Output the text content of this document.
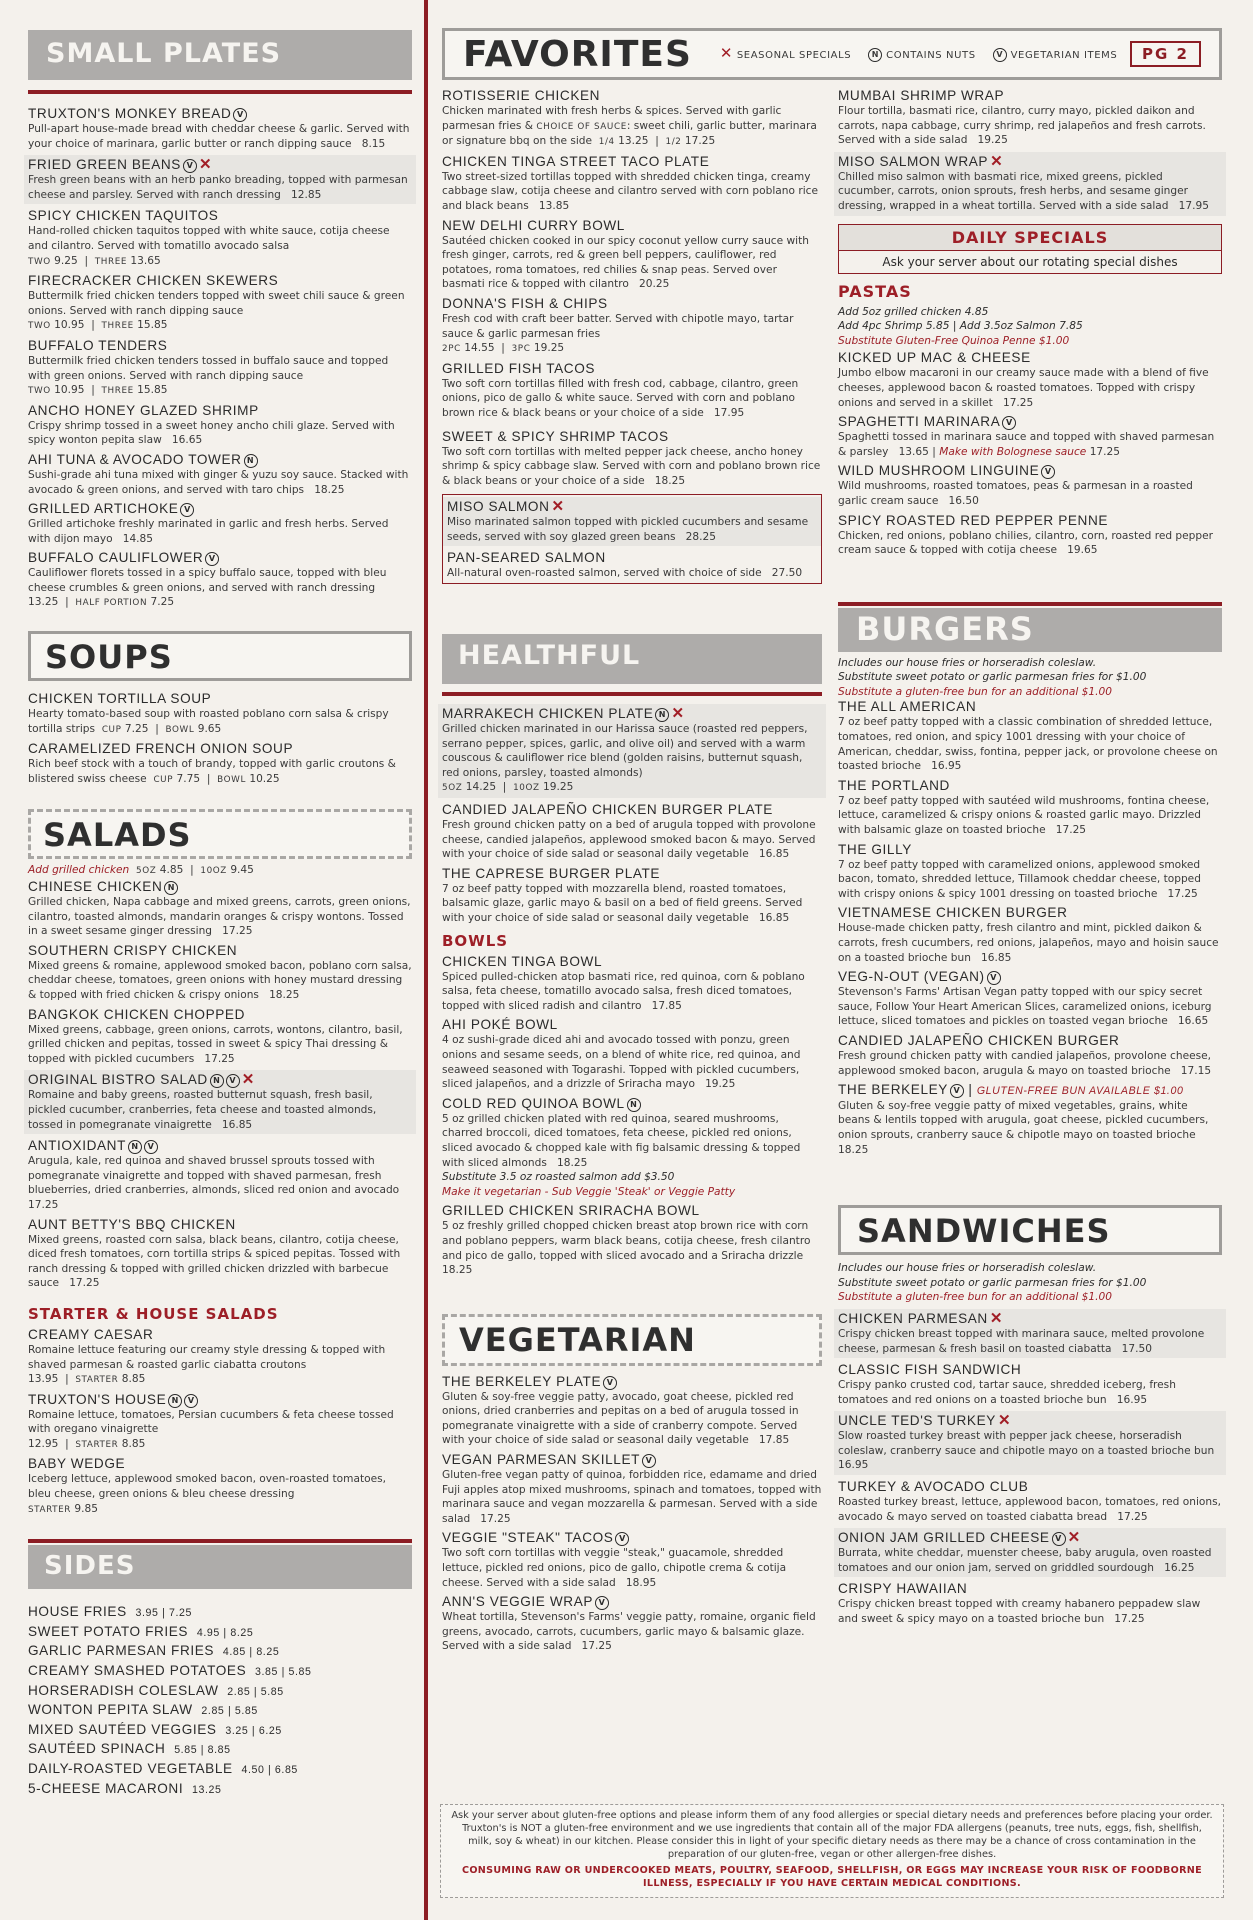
SMALL PLATES
TRUXTON'S MONKEY BREAD V
Pull-apart house-made bread with cheddar cheese & garlic. Served with your choice of marinara, garlic butter or ranch dipping sauce 8.15
FRIED GREEN BEANS V ✕
Fresh green beans with an herb panko breading, topped with parmesan cheese and parsley. Served with ranch dressing 12.85
SPICY CHICKEN TAQUITOS
Hand-rolled chicken taquitos topped with white sauce, cotija cheese and cilantro. Served with tomatillo avocado salsa
TWO 9.25  |  THREE 13.65
FIRECRACKER CHICKEN SKEWERS
Buttermilk fried chicken tenders topped with sweet chili sauce & green onions. Served with ranch dipping sauce
TWO 10.95  |  THREE 15.85
BUFFALO TENDERS
Buttermilk fried chicken tenders tossed in buffalo sauce and topped with green onions. Served with ranch dipping sauce
TWO 10.95  |  THREE 15.85
ANCHO HONEY GLAZED SHRIMP
Crispy shrimp tossed in a sweet honey ancho chili glaze. Served with spicy wonton pepita slaw 16.65
AHI TUNA & AVOCADO TOWER N
Sushi-grade ahi tuna mixed with ginger & yuzu soy sauce. Stacked with avocado & green onions, and served with taro chips 18.25
GRILLED ARTICHOKE V
Grilled artichoke freshly marinated in garlic and fresh herbs. Served with dijon mayo 14.85
BUFFALO CAULIFLOWER V
Cauliflower florets tossed in a spicy buffalo sauce, topped with bleu cheese crumbles & green onions, and served with ranch dressing   13.25  |  HALF PORTION 7.25
SOUPS
CHICKEN TORTILLA SOUP
Hearty tomato-based soup with roasted poblano corn salsa & crispy tortilla strips CUP 7.25  |  BOWL 9.65
CARAMELIZED FRENCH ONION SOUP
Rich beef stock with a touch of brandy, topped with garlic croutons & blistered swiss cheese CUP 7.75  |  BOWL 10.25
SALADS
Add grilled chicken 5OZ 4.85  |  10OZ 9.45
CHINESE CHICKEN N
Grilled chicken, Napa cabbage and mixed greens, carrots, green onions, cilantro, toasted almonds, mandarin oranges & crispy wontons. Tossed in a sweet sesame ginger dressing 17.25
SOUTHERN CRISPY CHICKEN
Mixed greens & romaine, applewood smoked bacon, poblano corn salsa, cheddar cheese, tomatoes, green onions with honey mustard dressing & topped with fried chicken & crispy onions 18.25
BANGKOK CHICKEN CHOPPED
Mixed greens, cabbage, green onions, carrots, wontons, cilantro, basil, grilled chicken and pepitas, tossed in sweet & spicy Thai dressing & topped with pickled cucumbers 17.25
ORIGINAL BISTRO SALAD N V ✕
Romaine and baby greens, roasted butternut squash, fresh basil, pickled cucumber, cranberries, feta cheese and toasted almonds, tossed in pomegranate vinaigrette 16.85
ANTIOXIDANT N V
Arugula, kale, red quinoa and shaved brussel sprouts tossed with pomegranate vinaigrette and topped with shaved parmesan, fresh blueberries, dried cranberries, almonds, sliced red onion and avocado   17.25
AUNT BETTY'S BBQ CHICKEN
Mixed greens, roasted corn salsa, black beans, cilantro, cotija cheese, diced fresh tomatoes, corn tortilla strips & spiced pepitas. Tossed with ranch dressing & topped with grilled chicken drizzled with barbecue sauce 17.25
STARTER & HOUSE SALADS
CREAMY CAESAR
Romaine lettuce featuring our creamy style dressing & topped with shaved parmesan & roasted garlic ciabatta croutons
13.95  |  STARTER 8.85
TRUXTON'S HOUSE N V
Romaine lettuce, tomatoes, Persian cucumbers & feta cheese tossed with oregano vinaigrette
12.95  |  STARTER 8.85
BABY WEDGE
Iceberg lettuce, applewood smoked bacon, oven-roasted tomatoes, bleu cheese, green onions & bleu cheese dressing
STARTER 9.85
SIDES
HOUSE FRIES 3.95 | 7.25
SWEET POTATO FRIES 4.95 | 8.25
GARLIC PARMESAN FRIES 4.85 | 8.25
CREAMY SMASHED POTATOES 3.85 | 5.85
HORSERADISH COLESLAW 2.85 | 5.85
WONTON PEPITA SLAW 2.85 | 5.85
MIXED SAUTÉED VEGGIES 3.25 | 6.25
SAUTÉED SPINACH 5.85 | 8.85
DAILY-ROASTED VEGETABLE 4.50 | 6.85
5-CHEESE MACARONI 13.25
FAVORITES ✕ SEASONAL SPECIALS	N CONTAINS NUTS	V VEGETARIAN ITEMS	PG 2
ROTISSERIE CHICKEN
Chicken marinated with fresh herbs & spices. Served with garlic parmesan fries & CHOICE OF SAUCE: sweet chili, garlic butter, marinara or signature bbq on the side 1/4 13.25  |  1/2 17.25
CHICKEN TINGA STREET TACO PLATE
Two street-sized tortillas topped with shredded chicken tinga, creamy cabbage slaw, cotija cheese and cilantro served with corn poblano rice and black beans 13.85
NEW DELHI CURRY BOWL
Sautéed chicken cooked in our spicy coconut yellow curry sauce with fresh ginger, carrots, red & green bell peppers, cauliflower, red potatoes, roma tomatoes, red chilies & snap peas. Served over basmati rice & topped with cilantro 20.25
DONNA'S FISH & CHIPS
Fresh cod with craft beer batter. Served with chipotle mayo, tartar sauce & garlic parmesan fries
2PC 14.55  |  3PC 19.25
GRILLED FISH TACOS
Two soft corn tortillas filled with fresh cod, cabbage, cilantro, green onions, pico de gallo & white sauce. Served with corn and poblano brown rice & black beans or your choice of a side 17.95
SWEET & SPICY SHRIMP TACOS
Two soft corn tortillas with melted pepper jack cheese, ancho honey shrimp & spicy cabbage slaw. Served with corn and poblano brown rice & black beans or your choice of a side 18.25
MISO SALMON ✕
Miso marinated salmon topped with pickled cucumbers and sesame seeds, served with soy glazed green beans 28.25
PAN-SEARED SALMON
All-natural oven-roasted salmon, served with choice of side 27.50
HEALTHFUL
MARRAKECH CHICKEN PLATE N ✕
Grilled chicken marinated in our Harissa sauce (roasted red peppers, serrano pepper, spices, garlic, and olive oil) and served with a warm couscous & cauliflower rice blend (golden raisins, butternut squash, red onions, parsley, toasted almonds)
5OZ 14.25  |  10OZ 19.25
CANDIED JALAPEÑO CHICKEN BURGER PLATE
Fresh ground chicken patty on a bed of arugula topped with provolone cheese, candied jalapeños, applewood smoked bacon & mayo. Served with your choice of side salad or seasonal daily vegetable 16.85
THE CAPRESE BURGER PLATE
7 oz beef patty topped with mozzarella blend, roasted tomatoes, balsamic glaze, garlic mayo & basil on a bed of field greens. Served with your choice of side salad or seasonal daily vegetable 16.85
BOWLS
CHICKEN TINGA BOWL
Spiced pulled-chicken atop basmati rice, red quinoa, corn & poblano salsa, feta cheese, tomatillo avocado salsa, fresh diced tomatoes, topped with sliced radish and cilantro 17.85
AHI POKÉ BOWL
4 oz sushi-grade diced ahi and avocado tossed with ponzu, green onions and sesame seeds, on a blend of white rice, red quinoa, and seaweed seasoned with Togarashi. Topped with pickled cucumbers, sliced jalapeños, and a drizzle of Sriracha mayo 19.25
COLD RED QUINOA BOWL N
5 oz grilled chicken plated with red quinoa, seared mushrooms, charred broccoli, diced tomatoes, feta cheese, pickled red onions, sliced avocado & chopped kale with fig balsamic dressing & topped with sliced almonds 18.25
Substitute 3.5 oz roasted salmon add $3.50
Make it vegetarian - Sub Veggie 'Steak' or Veggie Patty
GRILLED CHICKEN SRIRACHA BOWL
5 oz freshly grilled chopped chicken breast atop brown rice with corn and poblano peppers, warm black beans, cotija cheese, fresh cilantro and pico de gallo, topped with sliced avocado and a Sriracha drizzle   18.25
VEGETARIAN
THE BERKELEY PLATE V
Gluten & soy-free veggie patty, avocado, goat cheese, pickled red onions, dried cranberries and pepitas on a bed of arugula tossed in pomegranate vinaigrette with a side of cranberry compote. Served with your choice of side salad or seasonal daily vegetable 17.85
VEGAN PARMESAN SKILLET V
Gluten-free vegan patty of quinoa, forbidden rice, edamame and dried Fuji apples atop mixed mushrooms, spinach and tomatoes, topped with marinara sauce and vegan mozzarella & parmesan. Served with a side salad 17.25
VEGGIE "STEAK" TACOS V
Two soft corn tortillas with veggie "steak," guacamole, shredded lettuce, pickled red onions, pico de gallo, chipotle crema & cotija cheese. Served with a side salad 18.95
ANN'S VEGGIE WRAP V
Wheat tortilla, Stevenson's Farms' veggie patty, romaine, organic field greens, avocado, carrots, cucumbers, garlic mayo & balsamic glaze. Served with a side salad 17.25
MUMBAI SHRIMP WRAP
Flour tortilla, basmati rice, cilantro, curry mayo, pickled daikon and carrots, napa cabbage, curry shrimp, red jalapeños and fresh carrots. Served with a side salad 19.25
MISO SALMON WRAP ✕
Chilled miso salmon with basmati rice, mixed greens, pickled cucumber, carrots, onion sprouts, fresh herbs, and sesame ginger dressing, wrapped in a wheat tortilla. Served with a side salad 17.95
DAILY SPECIALS
Ask your server about our rotating special dishes
PASTAS
Add 5oz grilled chicken 4.85
Add 4pc Shrimp 5.85 | Add 3.5oz Salmon 7.85
Substitute Gluten-Free Quinoa Penne $1.00
KICKED UP MAC & CHEESE
Jumbo elbow macaroni in our creamy sauce made with a blend of five cheeses, applewood bacon & roasted tomatoes. Topped with crispy onions and served in a skillet 17.25
SPAGHETTI MARINARA V
Spaghetti tossed in marinara sauce and topped with shaved parmesan & parsley 13.65 | Make with Bolognese sauce 17.25
WILD MUSHROOM LINGUINE V
Wild mushrooms, roasted tomatoes, peas & parmesan in a roasted garlic cream sauce 16.50
SPICY ROASTED RED PEPPER PENNE
Chicken, red onions, poblano chilies, cilantro, corn, roasted red pepper cream sauce & topped with cotija cheese 19.65
BURGERS
Includes our house fries or horseradish coleslaw.
Substitute sweet potato or garlic parmesan fries for $1.00
Substitute a gluten-free bun for an additional $1.00
THE ALL AMERICAN
7 oz beef patty topped with a classic combination of shredded lettuce, tomatoes, red onion, and spicy 1001 dressing with your choice of American, cheddar, swiss, fontina, pepper jack, or provolone cheese on toasted brioche 16.95
THE PORTLAND
7 oz beef patty topped with sautéed wild mushrooms, fontina cheese, lettuce, caramelized & crispy onions & roasted garlic mayo. Drizzled with balsamic glaze on toasted brioche 17.25
THE GILLY
7 oz beef patty topped with caramelized onions, applewood smoked bacon, tomato, shredded lettuce, Tillamook cheddar cheese, topped with crispy onions & spicy 1001 dressing on toasted brioche 17.25
VIETNAMESE CHICKEN BURGER
House-made chicken patty, fresh cilantro and mint, pickled daikon & carrots, fresh cucumbers, red onions, jalapeños, mayo and hoisin sauce on a toasted brioche bun 16.85
VEG-N-OUT (VEGAN) V
Stevenson's Farms' Artisan Vegan patty topped with our spicy secret sauce, Follow Your Heart American Slices, caramelized onions, iceburg lettuce, sliced tomatoes and pickles on toasted vegan brioche 16.65
CANDIED JALAPEÑO CHICKEN BURGER
Fresh ground chicken patty with candied jalapeños, provolone cheese, applewood smoked bacon, arugula & mayo on toasted brioche 17.15
THE BERKELEY V | GLUTEN-FREE BUN AVAILABLE $1.00
Gluten & soy-free veggie patty of mixed vegetables, grains, white beans & lentils topped with arugula, goat cheese, pickled cucumbers, onion sprouts, cranberry sauce & chipotle mayo on toasted brioche   18.25
SANDWICHES
Includes our house fries or horseradish coleslaw.
Substitute sweet potato or garlic parmesan fries for $1.00
Substitute a gluten-free bun for an additional $1.00
CHICKEN PARMESAN ✕
Crispy chicken breast topped with marinara sauce, melted provolone cheese, parmesan & fresh basil on toasted ciabatta 17.50
CLASSIC FISH SANDWICH
Crispy panko crusted cod, tartar sauce, shredded iceberg, fresh tomatoes and red onions on a toasted brioche bun 16.95
UNCLE TED'S TURKEY ✕
Slow roasted turkey breast with pepper jack cheese, horseradish coleslaw, cranberry sauce and chipotle mayo on a toasted brioche bun   16.95
TURKEY & AVOCADO CLUB
Roasted turkey breast, lettuce, applewood bacon, tomatoes, red onions, avocado & mayo served on toasted ciabatta bread 17.25
ONION JAM GRILLED CHEESE V ✕
Burrata, white cheddar, muenster cheese, baby arugula, oven roasted tomatoes and our onion jam, served on griddled sourdough 16.25
CRISPY HAWAIIAN
Crispy chicken breast topped with creamy habanero peppadew slaw and sweet & spicy mayo on a toasted brioche bun 17.25
Ask your server about gluten-free options and please inform them of any food allergies or special dietary needs and preferences before placing your order. Truxton's is NOT a gluten-free environment and we use ingredients that contain all of the major FDA allergens (peanuts, tree nuts, eggs, fish, shellfish, milk, soy & wheat) in our kitchen. Please consider this in light of your specific dietary needs as there may be a chance of cross contamination in the preparation of our gluten-free, vegan or other allergen-free dishes.
CONSUMING RAW OR UNDERCOOKED MEATS, POULTRY, SEAFOOD, SHELLFISH, OR EGGS MAY INCREASE YOUR RISK OF FOODBORNE ILLNESS, ESPECIALLY IF YOU HAVE CERTAIN MEDICAL CONDITIONS.
